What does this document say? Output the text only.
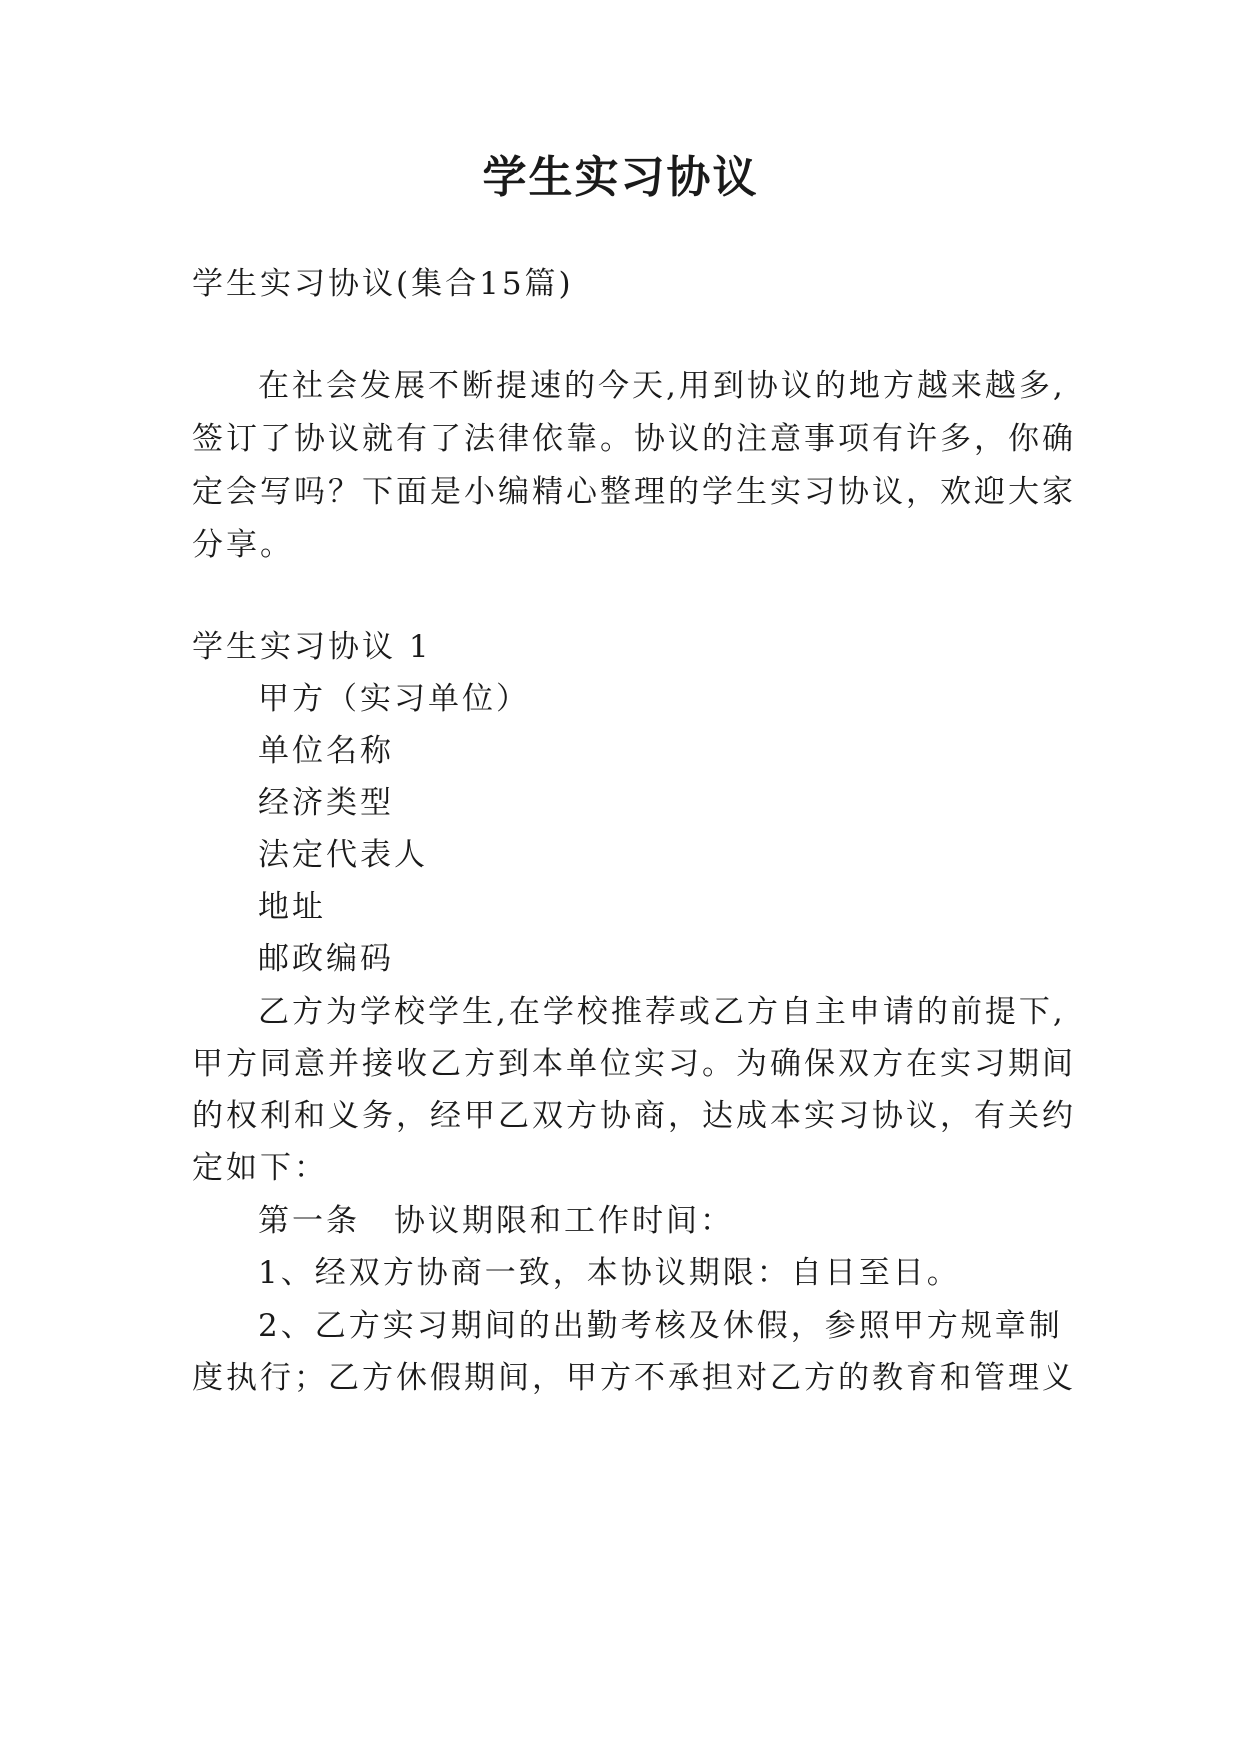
学生实习协议

学生实习协议(集合15篇)

在社会发展不断提速的今天,用到协议的地方越来越多,

签订了协议就有了法律依靠。协议的注意事项有许多，你确

定会写吗？下面是小编精心整理的学生实习协议，欢迎大家

分享。

学生实习协议 1

甲方（实习单位）

单位名称

经济类型

法定代表人

地址

邮政编码

乙方为学校学生,在学校推荐或乙方自主申请的前提下,

甲方同意并接收乙方到本单位实习。为确保双方在实习期间

的权利和义务，经甲乙双方协商，达成本实习协议，有关约

定如下：

第一条　协议期限和工作时间：

1、经双方协商一致，本协议期限：自日至日。

2、乙方实习期间的出勤考核及休假，参照甲方规章制

度执行；乙方休假期间，甲方不承担对乙方的教育和管理义
